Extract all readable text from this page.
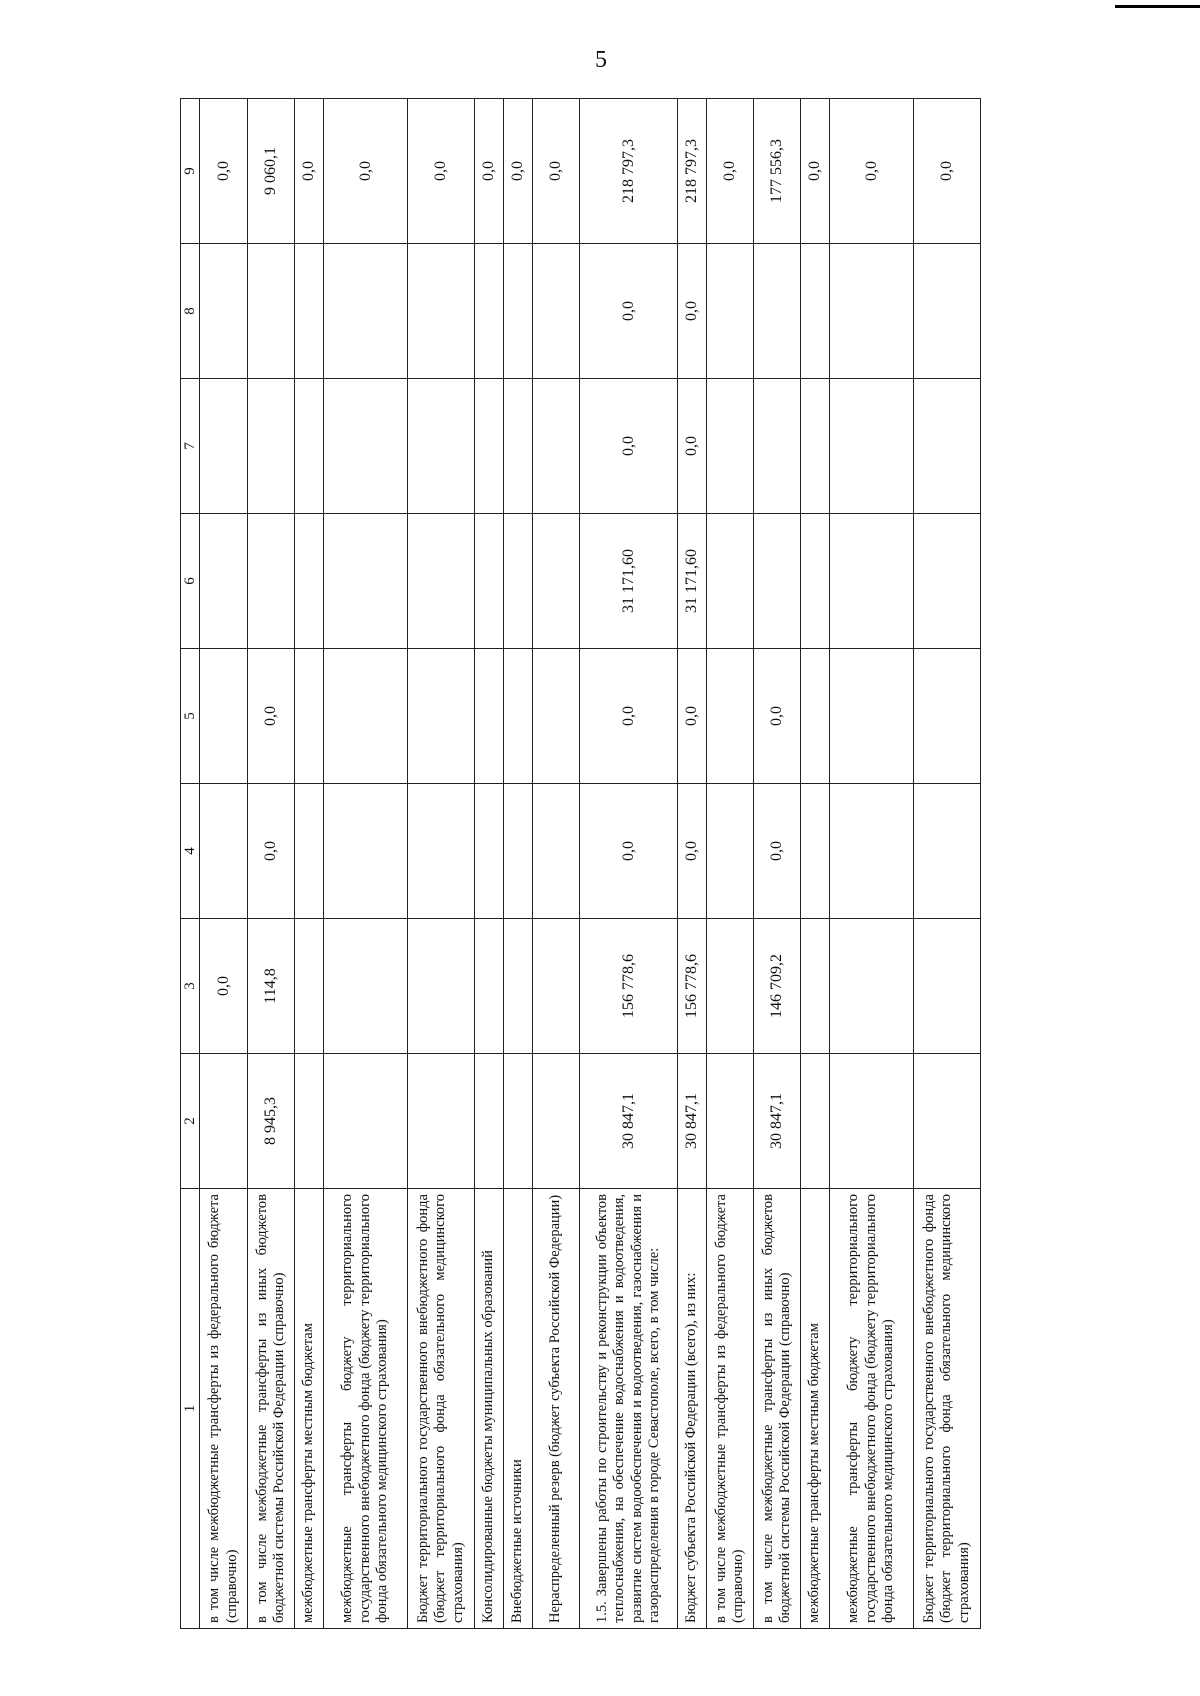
5
1	2	3	4	5	6	7	8	9
в том числе межбюджетные трансферты из федерального бюджета (справочно)		0,0						0,0
в том числе межбюджетные трансферты из иных бюджетов бюджетной системы Российской Федерации (справочно)	8 945,3	114,8	0,0	0,0				9 060,1
межбюджетные трансферты местным бюджетам								0,0
межбюджетные трансферты бюджету территориального государственного внебюджетного фонда (бюджету территориального фонда обязательного медицинского страхования)								0,0
Бюджет территориального государственного внебюджетного фонда (бюджет территориального фонда обязательного медицинского страхования)								0,0
Консолидированные бюджеты муниципальных образований								0,0
Внебюджетные источники								0,0
Нераспределенный резерв (бюджет субъекта Российской Федерации)								0,0
1.5. Завершены работы по строительству и реконструкции объектов теплоснабжения, на обеспечение водоснабжения и водоотведения, развитие систем водообеспечения и водоотведения, газоснабжения и газораспределения в городе Севастополе, всего, в том числе:	30 847,1	156 778,6	0,0	0,0	31 171,60	0,0	0,0	218 797,3
Бюджет субъекта Российской Федерации (всего), из них:	30 847,1	156 778,6	0,0	0,0	31 171,60	0,0	0,0	218 797,3
в том числе межбюджетные трансферты из федерального бюджета (справочно)								0,0
в том числе межбюджетные трансферты из иных бюджетов бюджетной системы Российской Федерации (справочно)	30 847,1	146 709,2	0,0	0,0				177 556,3
межбюджетные трансферты местным бюджетам								0,0
межбюджетные трансферты бюджету территориального государственного внебюджетного фонда (бюджету территориального фонда обязательного медицинского страхования)								0,0
Бюджет территориального государственного внебюджетного фонда (бюджет территориального фонда обязательного медицинского страхования)								0,0
